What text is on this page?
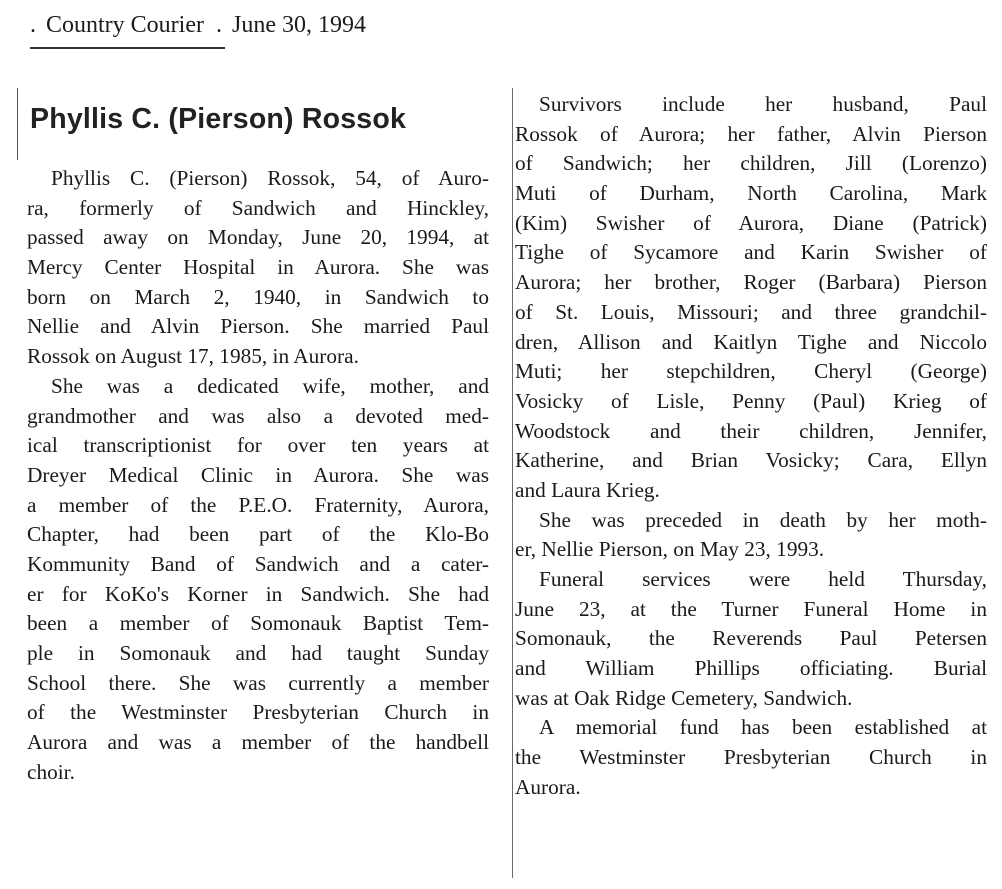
. Country Courier . June 30, 1994
Phyllis C. (Pierson) Rossok
Phyllis C. (Pierson) Rossok, 54, of Auro-
ra, formerly of Sandwich and Hinckley,
passed away on Monday, June 20, 1994, at
Mercy Center Hospital in Aurora. She was
born on March 2, 1940, in Sandwich to
Nellie and Alvin Pierson. She married Paul
Rossok on August 17, 1985, in Aurora.
She was a dedicated wife, mother, and
grandmother and was also a devoted med-
ical transcriptionist for over ten years at
Dreyer Medical Clinic in Aurora. She was
a member of the P.E.O. Fraternity, Aurora,
Chapter, had been part of the Klo-Bo
Kommunity Band of Sandwich and a cater-
er for KoKo's Korner in Sandwich. She had
been a member of Somonauk Baptist Tem-
ple in Somonauk and had taught Sunday
School there. She was currently a member
of the Westminster Presbyterian Church in
Aurora and was a member of the handbell
choir.
Survivors include her husband, Paul
Rossok of Aurora; her father, Alvin Pierson
of Sandwich; her children, Jill (Lorenzo)
Muti of Durham, North Carolina, Mark
(Kim) Swisher of Aurora, Diane (Patrick)
Tighe of Sycamore and Karin Swisher of
Aurora; her brother, Roger (Barbara) Pierson
of St. Louis, Missouri; and three grandchil-
dren, Allison and Kaitlyn Tighe and Niccolo
Muti; her stepchildren, Cheryl (George)
Vosicky of Lisle, Penny (Paul) Krieg of
Woodstock and their children, Jennifer,
Katherine, and Brian Vosicky; Cara, Ellyn
and Laura Krieg.
She was preceded in death by her moth-
er, Nellie Pierson, on May 23, 1993.
Funeral services were held Thursday,
June 23, at the Turner Funeral Home in
Somonauk, the Reverends Paul Petersen
and William Phillips officiating. Burial
was at Oak Ridge Cemetery, Sandwich.
A memorial fund has been established at
the Westminster Presbyterian Church in
Aurora.
